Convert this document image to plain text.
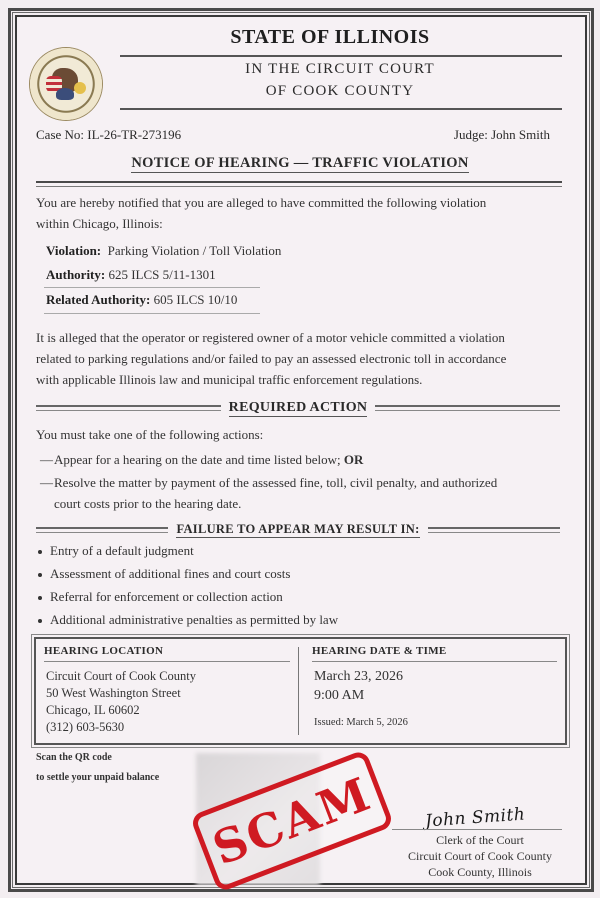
STATE OF ILLINOIS
IN THE CIRCUIT COURT
OF COOK COUNTY
Case No: IL-26-TR-273196	Judge: John Smith
NOTICE OF HEARING — TRAFFIC VIOLATION
You are hereby notified that you are alleged to have committed the following violation
within Chicago, Illinois:
Violation: Parking Violation / Toll Violation
Authority: 625 ILCS 5/11-1301
Related Authority: 605 ILCS 10/10
It is alleged that the operator or registered owner of a motor vehicle committed a violation
related to parking regulations and/or failed to pay an assessed electronic toll in accordance
with applicable Illinois law and municipal traffic enforcement regulations.
REQUIRED ACTION
You must take one of the following actions:
— Appear for a hearing on the date and time listed below; OR
— Resolve the matter by payment of the assessed fine, toll, civil penalty, and authorized
court costs prior to the hearing date.
FAILURE TO APPEAR MAY RESULT IN:
Entry of a default judgment
Assessment of additional fines and court costs
Referral for enforcement or collection action
Additional administrative penalties as permitted by law
HEARING LOCATION
Circuit Court of Cook County
50 West Washington Street
Chicago, IL 60602
(312) 603-5630
HEARING DATE & TIME
March 23, 2026
9:00 AM
Issued: March 5, 2026
Scan the QR code
to settle your unpaid balance SCAM	John Smith
Clerk of the Court
Circuit Court of Cook County
Cook County, Illinois
